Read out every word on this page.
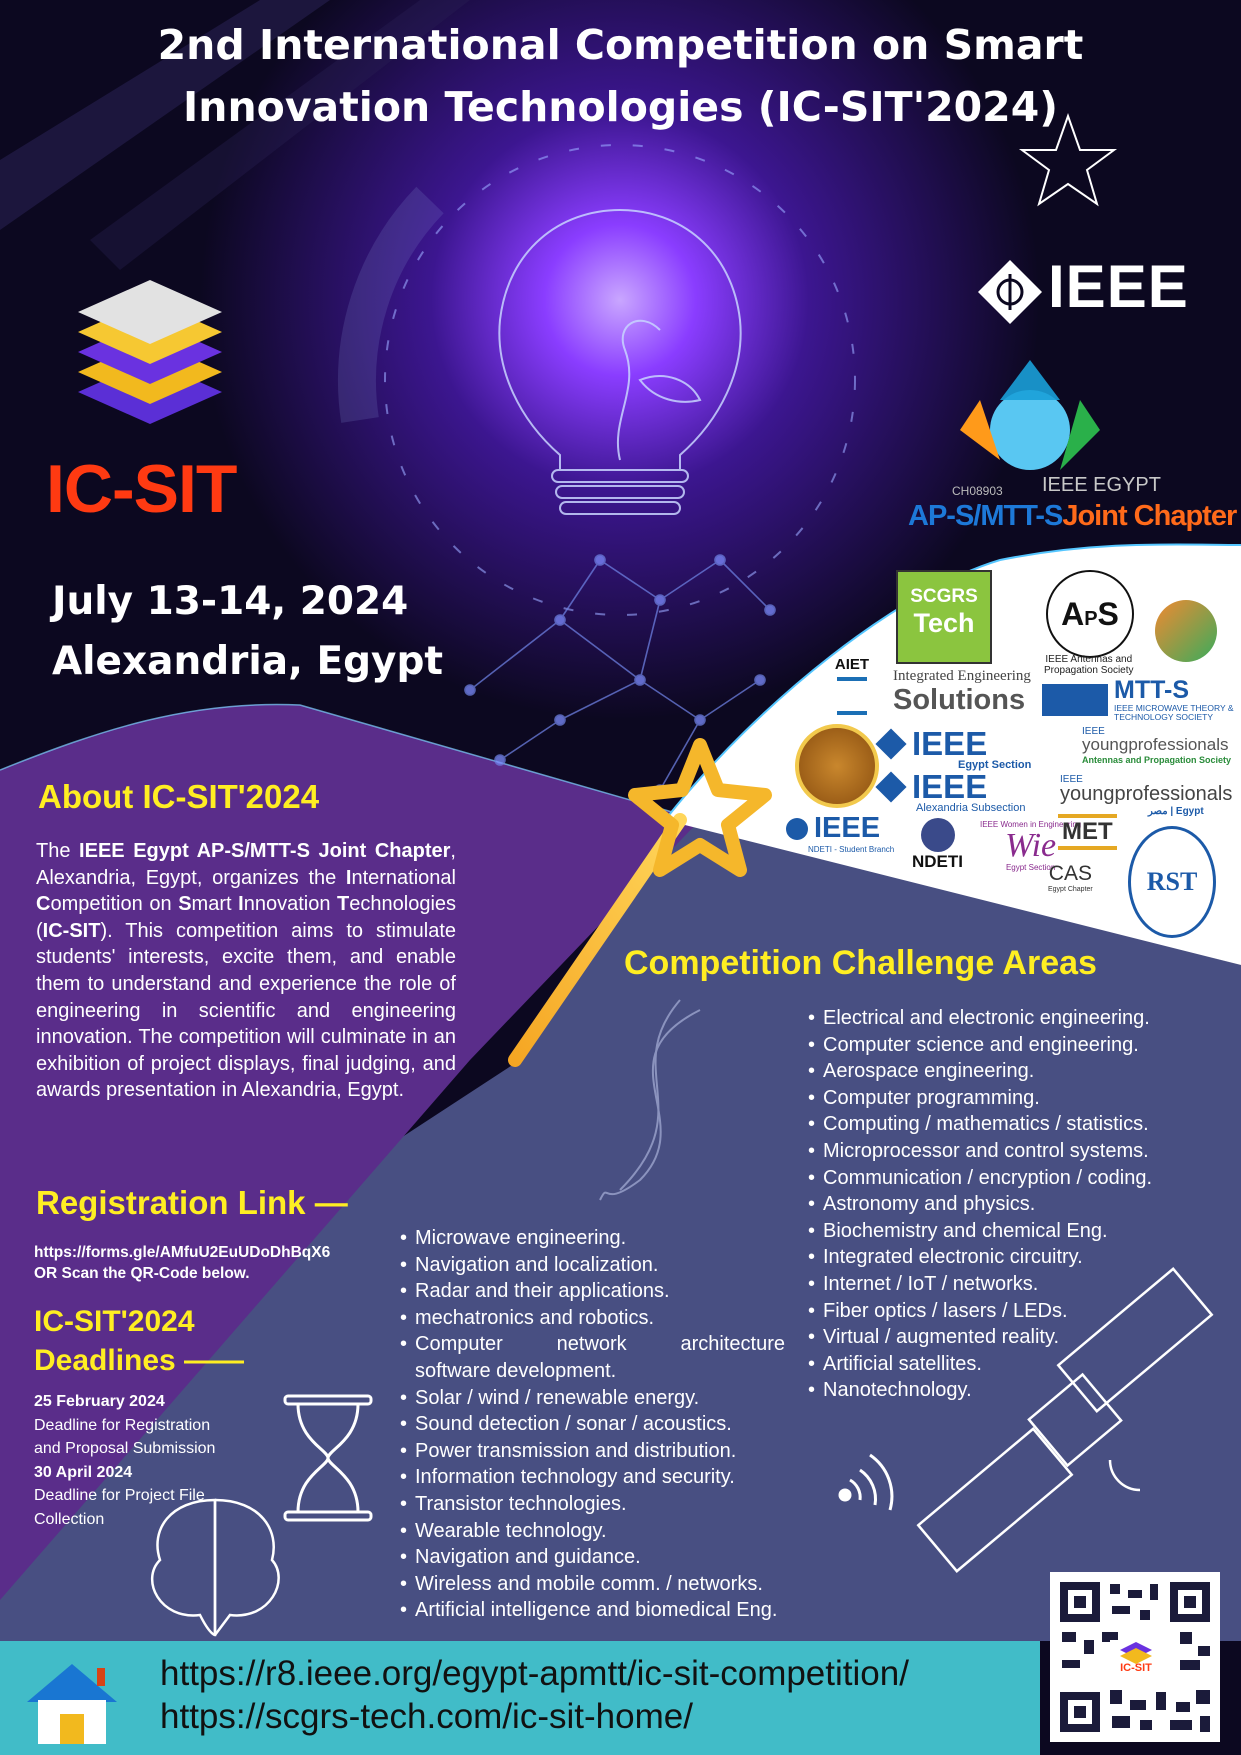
2nd International Competition on Smart Innovation Technologies (IC-SIT'2024)
IC-SIT
IEEE
CH08903 IEEE EGYPT
AP-S/MTT-SJoint Chapter
July 13-14, 2024
Alexandria, Egypt
SCGRS
Tech
Integrated Engineering
Solutions
APS
IEEE Antennas and
Propagation Society
AIET
MTT-S
IEEE MICROWAVE THEORY &
TECHNOLOGY SOCIETY
IEEE
Egypt Section
IEEE
Alexandria Subsection
IEEE
youngprofessionals
Antennas and Propagation Society
IEEE
youngprofessionals
مصر | Egypt
IEEE
NDETI - Student Branch
NDETI
IEEE Women in Engineering
Wie
Egypt Section
MET
CAS
Egypt Chapter	RST
About IC-SIT'2024
The IEEE Egypt AP-S/MTT-S Joint Chapter, Alexandria, Egypt, organizes the International Competition on Smart Innovation Technologies (IC-SIT). This competition aims to stimulate students' interests, excite them, and enable them to understand and experience the role of engineering in scientific and engineering innovation. The competition will culminate in an exhibition of project displays, final judging, and awards presentation in Alexandria, Egypt.
Registration Link —
https://forms.gle/AMfuU2EuUDoDhBqX6
OR Scan the QR-Code below.
IC-SIT'2024
Deadlines ——
25 February 2024
Deadline for Registration
and Proposal Submission
30 April 2024
Deadline for Project File
Collection
Competition Challenge Areas
• Electrical and electronic engineering.
• Computer science and engineering.
• Aerospace engineering.
• Computer programming.
• Computing / mathematics / statistics.
• Microprocessor and control systems.
• Communication / encryption / coding.
• Astronomy and physics.
• Biochemistry and chemical Eng.
• Integrated electronic circuitry.
• Internet / IoT / networks.
• Fiber optics / lasers / LEDs.
• Virtual / augmented reality.
• Artificial satellites.
• Nanotechnology.
• Microwave engineering.
• Navigation and localization.
• Radar and their applications.
• mechatronics and robotics.
• Computer network architecture
software development.
• Solar / wind / renewable energy.
• Sound detection / sonar / acoustics.
• Power transmission and distribution.
• Information technology and security.
• Transistor technologies.
• Wearable technology.
• Navigation and guidance.
• Wireless and mobile comm. / networks.
• Artificial intelligence and biomedical Eng.
https://r8.ieee.org/egypt-apmtt/ic-sit-competition/
https://scgrs-tech.com/ic-sit-home/
IC-SIT
